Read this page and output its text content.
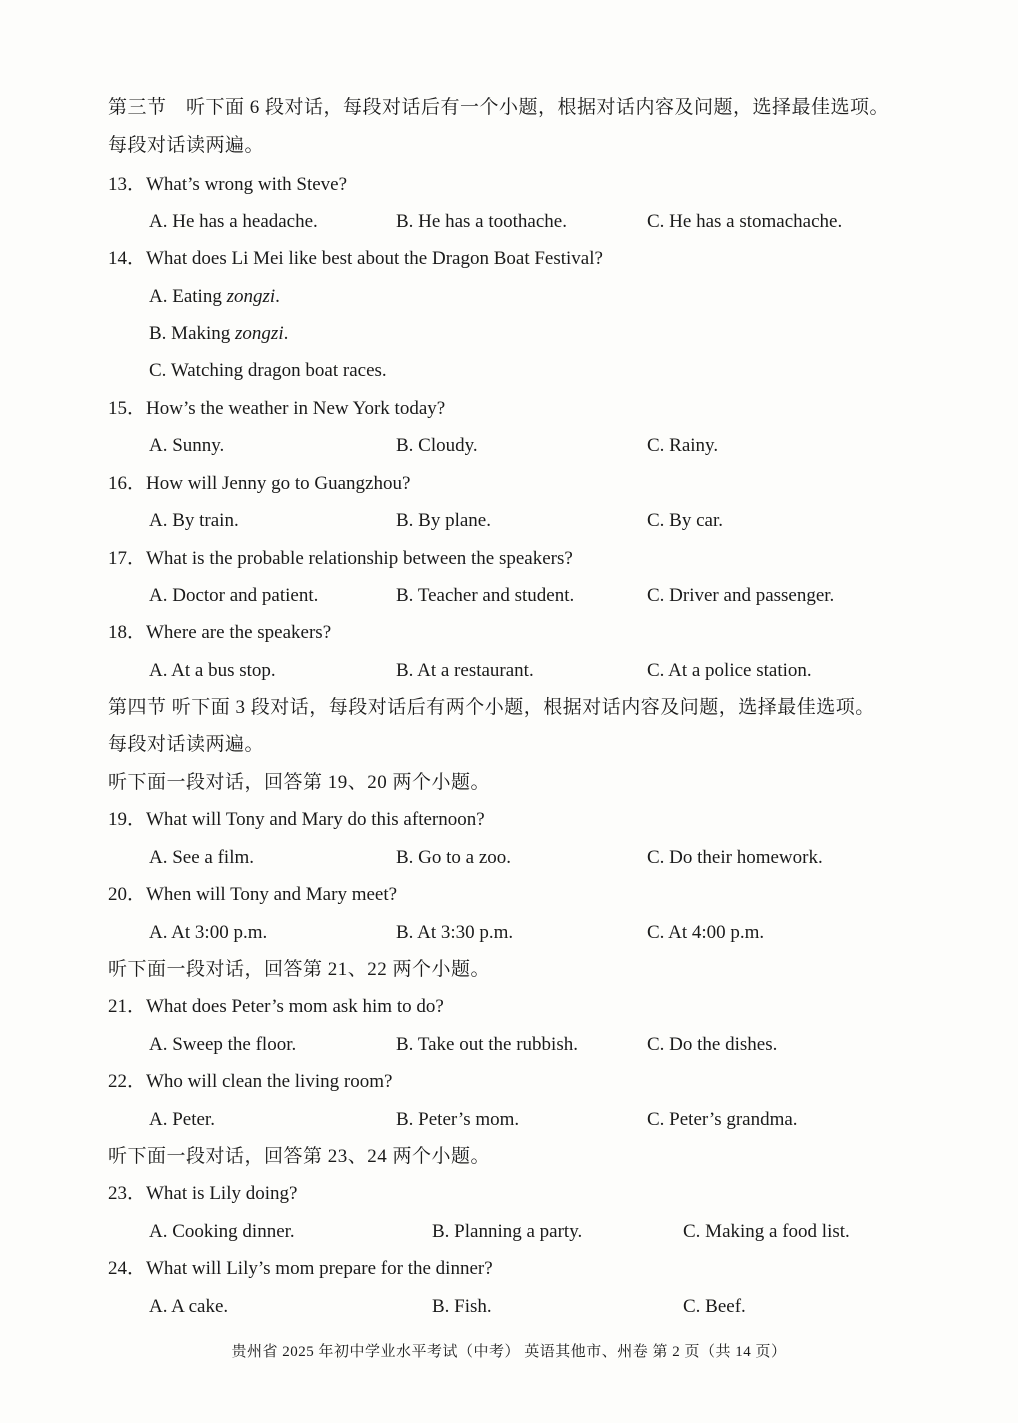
第三节　听下面 6 段对话，每段对话后有一个小题，根据对话内容及问题，选择最佳选项。
每段对话读两遍。
13．What’s wrong with Steve?
A. He has a headache.	B. He has a toothache.	C. He has a stomachache.
14．What does Li Mei like best about the Dragon Boat Festival?
A. Eating zongzi.
B. Making zongzi.
C. Watching dragon boat races.
15．How’s the weather in New York today?
A. Sunny.	B. Cloudy.	C. Rainy.
16．How will Jenny go to Guangzhou?
A. By train.	B. By plane.	C. By car.
17．What is the probable relationship between the speakers?
A. Doctor and patient.	B. Teacher and student.	C. Driver and passenger.
18．Where are the speakers?
A. At a bus stop.	B. At a restaurant.	C. At a police station.
第四节 听下面 3 段对话，每段对话后有两个小题，根据对话内容及问题，选择最佳选项。
每段对话读两遍。
听下面一段对话，回答第 19、20 两个小题。
19．What will Tony and Mary do this afternoon?
A. See a film.	B. Go to a zoo.	C. Do their homework.
20．When will Tony and Mary meet?
A. At 3:00 p.m.	B. At 3:30 p.m.	C. At 4:00 p.m.
听下面一段对话，回答第 21、22 两个小题。
21．What does Peter’s mom ask him to do?
A. Sweep the floor.	B. Take out the rubbish.	C. Do the dishes.
22．Who will clean the living room?
A. Peter.	B. Peter’s mom.	C. Peter’s grandma.
听下面一段对话，回答第 23、24 两个小题。
23．What is Lily doing?
A. Cooking dinner.	B. Planning a party.	C. Making a food list.
24．What will Lily’s mom prepare for the dinner?
A. A cake.	B. Fish.	C. Beef.
贵州省 2025 年初中学业水平考试（中考） 英语其他市、州卷 第 2 页（共 14 页）
